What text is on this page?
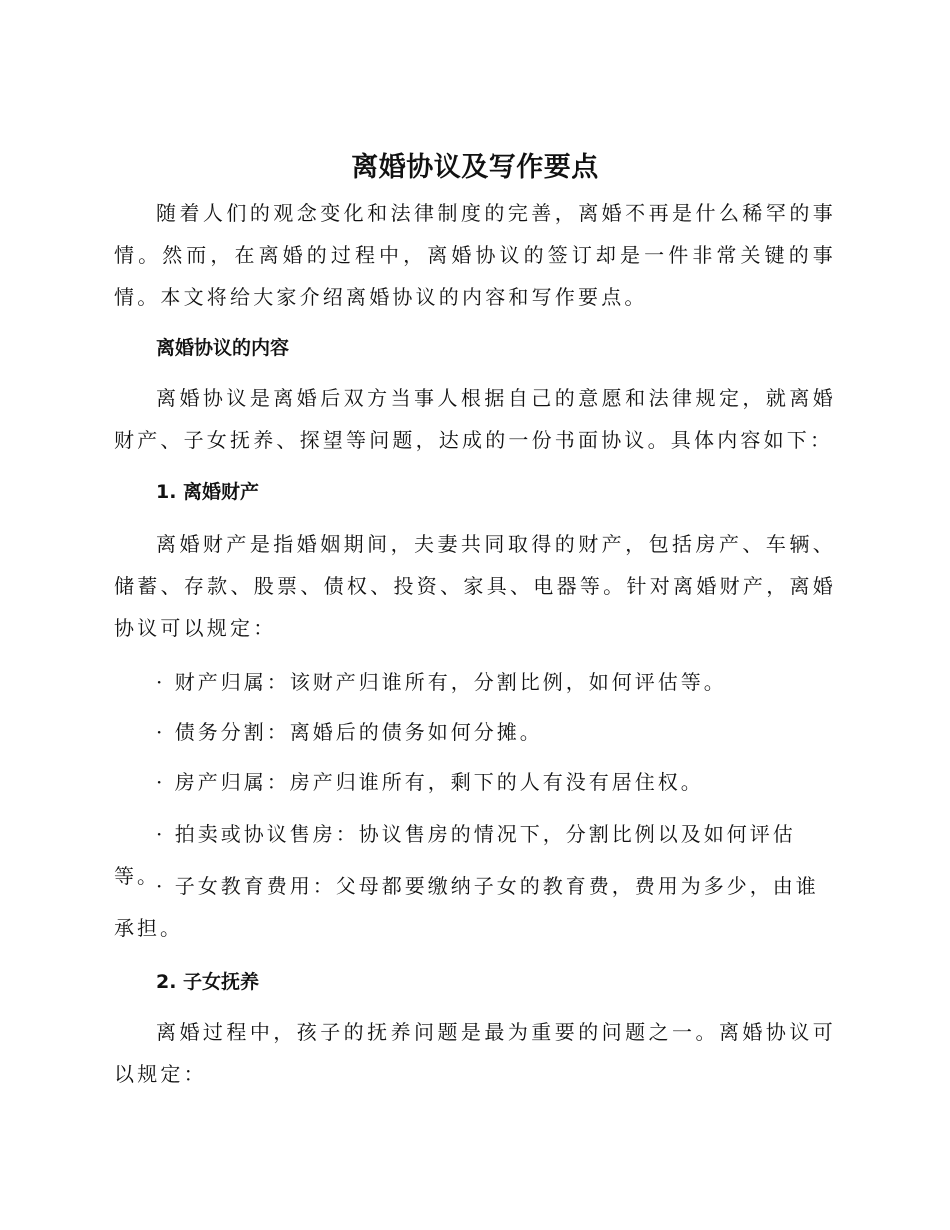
离婚协议及写作要点

随着人们的观念变化和法律制度的完善，离婚不再是什么稀罕的事情。然而，在离婚的过程中，离婚协议的签订却是一件非常关键的事情。本文将给大家介绍离婚协议的内容和写作要点。

离婚协议的内容

离婚协议是离婚后双方当事人根据自己的意愿和法律规定，就离婚财产、子女抚养、探望等问题，达成的一份书面协议。具体内容如下：

1. 离婚财产

离婚财产是指婚姻期间，夫妻共同取得的财产，包括房产、车辆、储蓄、存款、股票、债权、投资、家具、电器等。针对离婚财产，离婚协议可以规定：

· 财产归属：该财产归谁所有，分割比例，如何评估等。

· 债务分割：离婚后的债务如何分摊。

· 房产归属：房产归谁所有，剩下的人有没有居住权。

· 拍卖或协议售房：协议售房的情况下，分割比例以及如何评估等。

· 子女教育费用：父母都要缴纳子女的教育费，费用为多少，由谁承担。

2. 子女抚养

离婚过程中，孩子的抚养问题是最为重要的问题之一。离婚协议可以规定：
